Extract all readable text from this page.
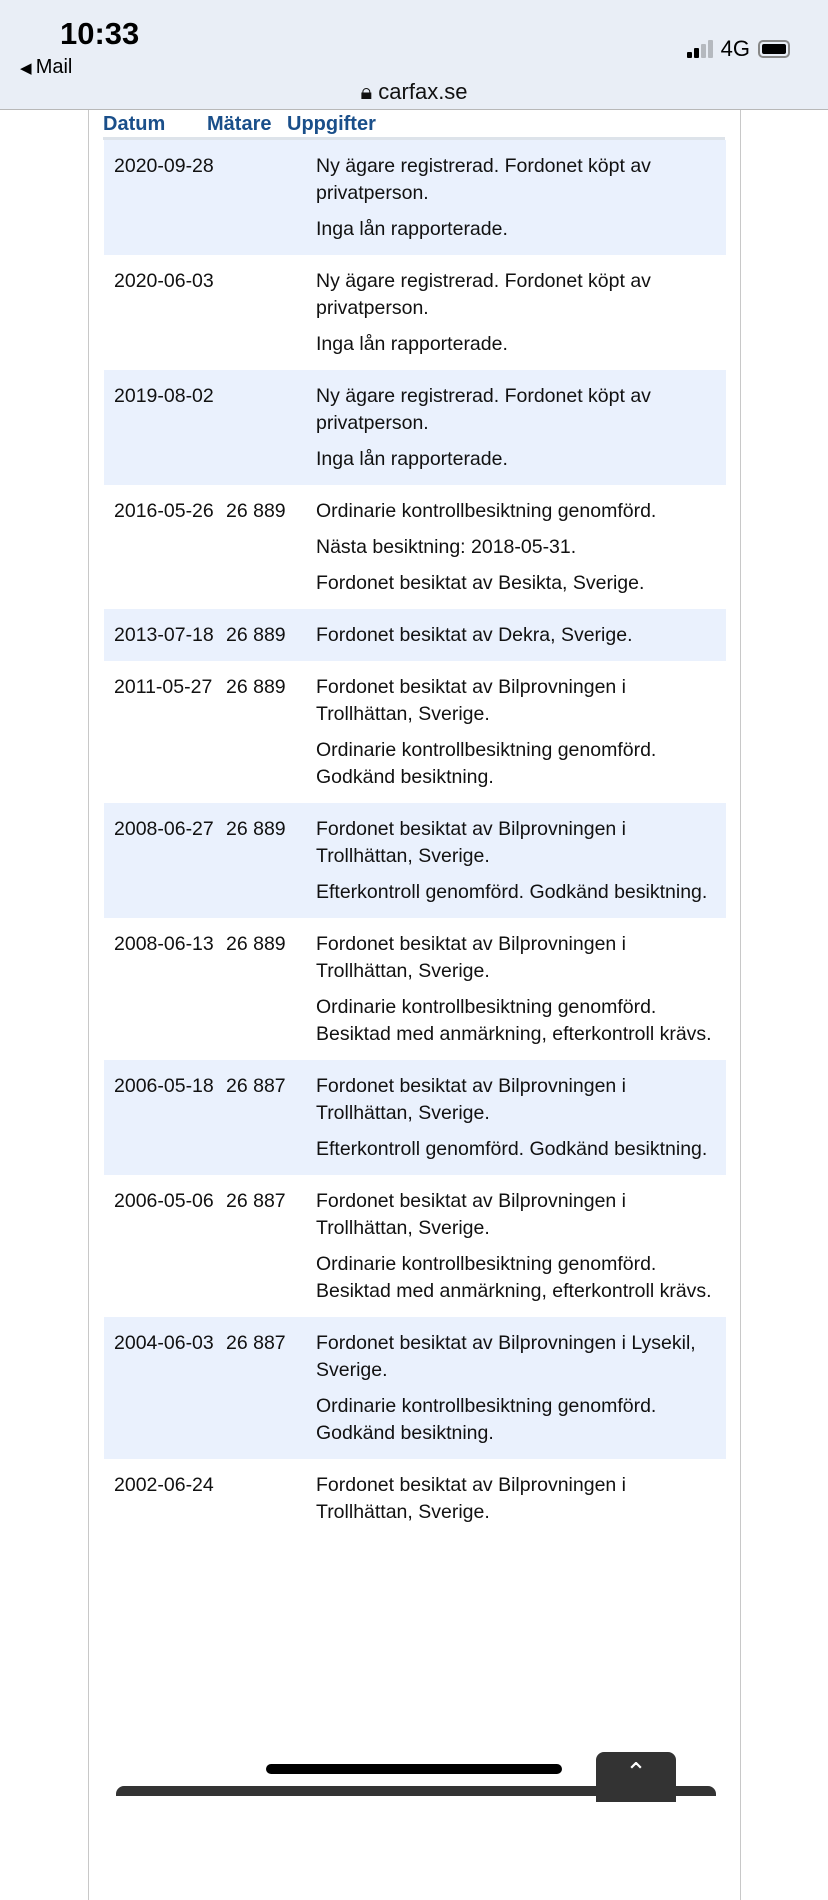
10:33
◀ Mail
4G
🔒︎ carfax.se
Datum Mätare Uppgifter
2020-09-28	Ny ägare registrerad. Fordonet köpt av privatperson.

Inga lån rapporterade.

2020-06-03	Ny ägare registrerad. Fordonet köpt av privatperson.

Inga lån rapporterade.

2019-08-02	Ny ägare registrerad. Fordonet köpt av privatperson.

Inga lån rapporterade.

2016-05-26 26 889	Ordinarie kontrollbesiktning genomförd.

Nästa besiktning: 2018-05-31.

Fordonet besiktat av Besikta, Sverige.

2013-07-18 26 889	Fordonet besiktat av Dekra, Sverige.

2011-05-27 26 889	Fordonet besiktat av Bilprovningen i Trollhättan, Sverige.

Ordinarie kontrollbesiktning genomförd. Godkänd besiktning.

2008-06-27 26 889	Fordonet besiktat av Bilprovningen i Trollhättan, Sverige.

Efterkontroll genomförd. Godkänd besiktning.

2008-06-13 26 889	Fordonet besiktat av Bilprovningen i Trollhättan, Sverige.

Ordinarie kontrollbesiktning genomförd. Besiktad med anmärkning, efterkontroll krävs.

2006-05-18 26 887	Fordonet besiktat av Bilprovningen i Trollhättan, Sverige.

Efterkontroll genomförd. Godkänd besiktning.

2006-05-06 26 887	Fordonet besiktat av Bilprovningen i Trollhättan, Sverige.

Ordinarie kontrollbesiktning genomförd. Besiktad med anmärkning, efterkontroll krävs.

2004-06-03 26 887	Fordonet besiktat av Bilprovningen i Lysekil, Sverige.

Ordinarie kontrollbesiktning genomförd. Godkänd besiktning.

2002-06-24	Fordonet besiktat av Bilprovningen i Trollhättan, Sverige.

⌃
